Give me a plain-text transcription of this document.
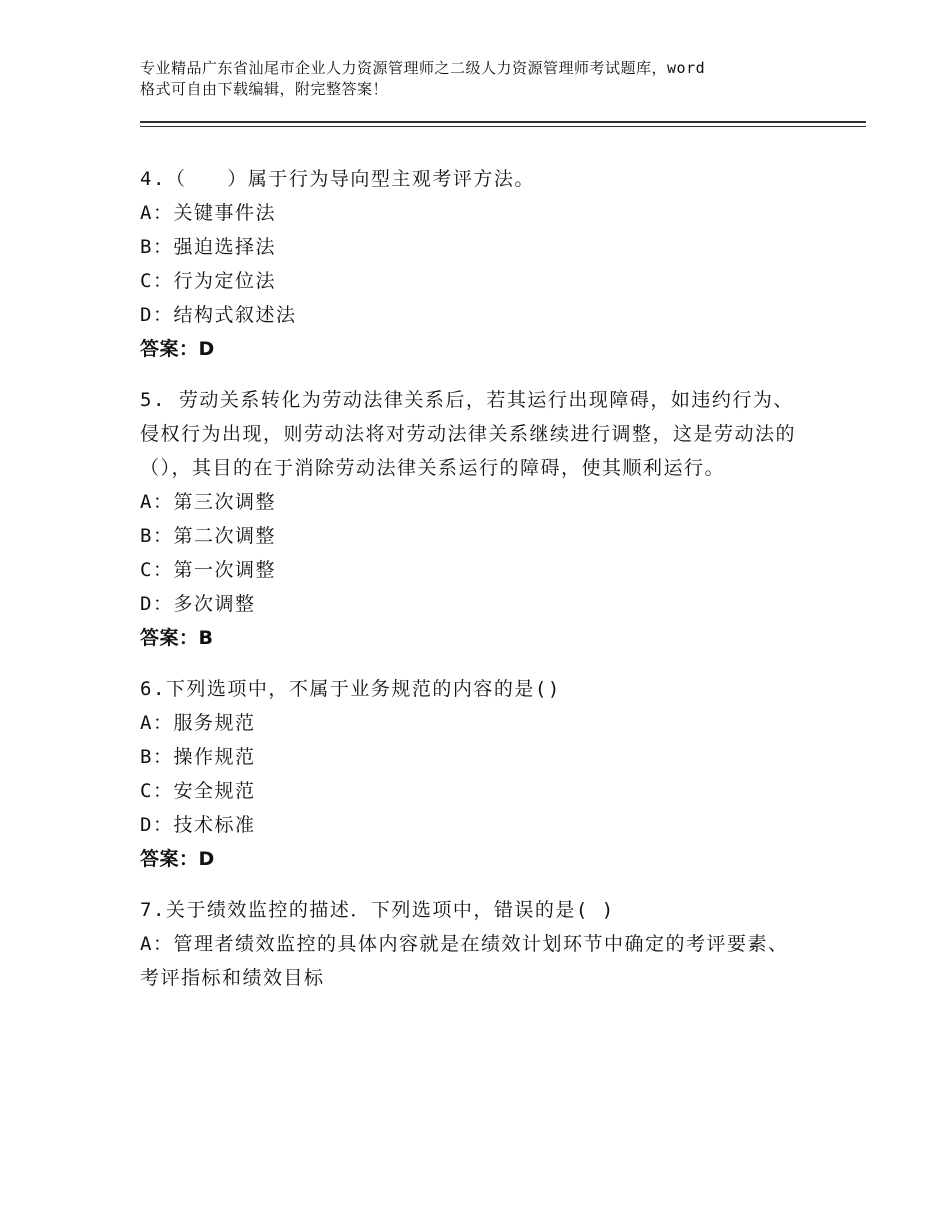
专业精品广东省汕尾市企业人力资源管理师之二级人力资源管理师考试题库，word
格式可自由下载编辑，附完整答案！
4.（　　）属于行为导向型主观考评方法。
A：关键事件法
B：强迫选择法
C：行为定位法
D：结构式叙述法
答案：D
5. 劳动关系转化为劳动法律关系后，若其运行出现障碍，如违约行为、侵权行为出现，则劳动法将对劳动法律关系继续进行调整，这是劳动法的（），其目的在于消除劳动法律关系运行的障碍，使其顺利运行。
A：第三次调整
B：第二次调整
C：第一次调整
D：多次调整
答案：B
6.下列选项中，不属于业务规范的内容的是()
A：服务规范
B：操作规范
C：安全规范
D：技术标准
答案：D
7.关于绩效监控的描述．下列选项中，错误的是( )
A：管理者绩效监控的具体内容就是在绩效计划环节中确定的考评要素、考评指标和绩效目标
